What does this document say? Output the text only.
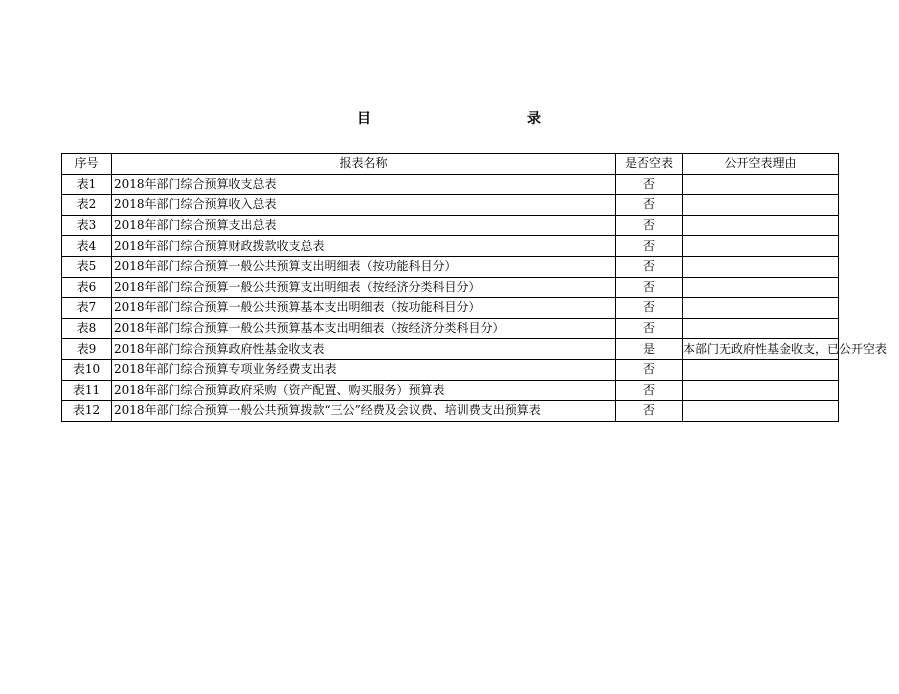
目	录
序号	报表名称	是否空表	公开空表理由
表1	2018年部门综合预算收支总表	否	
表2	2018年部门综合预算收入总表	否	
表3	2018年部门综合预算支出总表	否	
表4	2018年部门综合预算财政拨款收支总表	否	
表5	2018年部门综合预算一般公共预算支出明细表（按功能科目分）	否	
表6	2018年部门综合预算一般公共预算支出明细表（按经济分类科目分）	否	
表7	2018年部门综合预算一般公共预算基本支出明细表（按功能科目分）	否	
表8	2018年部门综合预算一般公共预算基本支出明细表（按经济分类科目分）	否	
表9	2018年部门综合预算政府性基金收支表	是	本部门无政府性基金收支，已公开空表
表10	2018年部门综合预算专项业务经费支出表	否	
表11	2018年部门综合预算政府采购（资产配置、购买服务）预算表	否	
表12	2018年部门综合预算一般公共预算拨款“三公”经费及会议费、培训费支出预算表	否	
